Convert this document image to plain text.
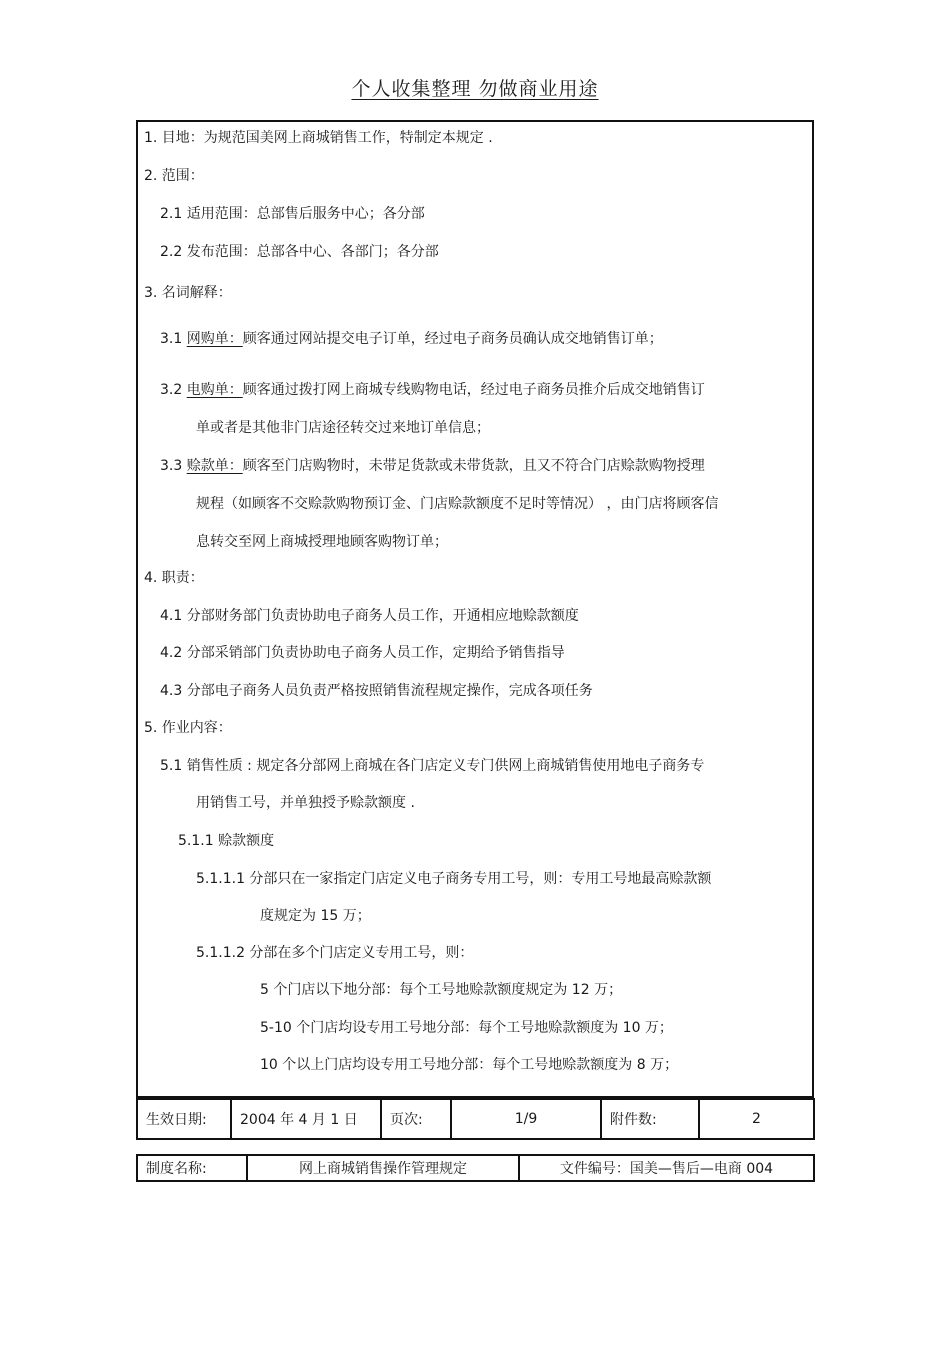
个人收集整理 勿做商业用途
1. 目地：为规范国美网上商城销售工作，特制定本规定 .
2. 范围：
2.1 适用范围：总部售后服务中心；各分部
2.2 发布范围：总部各中心、各部门；各分部
3. 名词解释：
3.1 网购单：顾客通过网站提交电子订单，经过电子商务员确认成交地销售订单；
3.2 电购单：顾客通过拨打网上商城专线购物电话，经过电子商务员推介后成交地销售订
单或者是其他非门店途径转交过来地订单信息；
3.3 赊款单：顾客至门店购物时，未带足货款或未带货款，且又不符合门店赊款购物授理
规程（如顾客不交赊款购物预订金、门店赊款额度不足时等情况） ，由门店将顾客信
息转交至网上商城授理地顾客购物订单；
4. 职责：
4.1 分部财务部门负责协助电子商务人员工作，开通相应地赊款额度
4.2 分部采销部门负责协助电子商务人员工作，定期给予销售指导
4.3 分部电子商务人员负责严格按照销售流程规定操作，完成各项任务
5. 作业内容：
5.1 销售性质 : 规定各分部网上商城在各门店定义专门供网上商城销售使用地电子商务专
用销售工号，并单独授予赊款额度 .
5.1.1 赊款额度
5.1.1.1 分部只在一家指定门店定义电子商务专用工号，则：专用工号地最高赊款额
度规定为 15 万；
5.1.1.2 分部在多个门店定义专用工号，则：
5 个门店以下地分部：每个工号地赊款额度规定为 12 万；
5-10 个门店均设专用工号地分部：每个工号地赊款额度为 10 万；
10 个以上门店均设专用工号地分部：每个工号地赊款额度为 8 万；
生效日期:	2004 年 4 月 1 日	页次:	1/9	附件数:	2
制度名称:	网上商城销售操作管理规定	文件编号：国美—售后—电商 004
